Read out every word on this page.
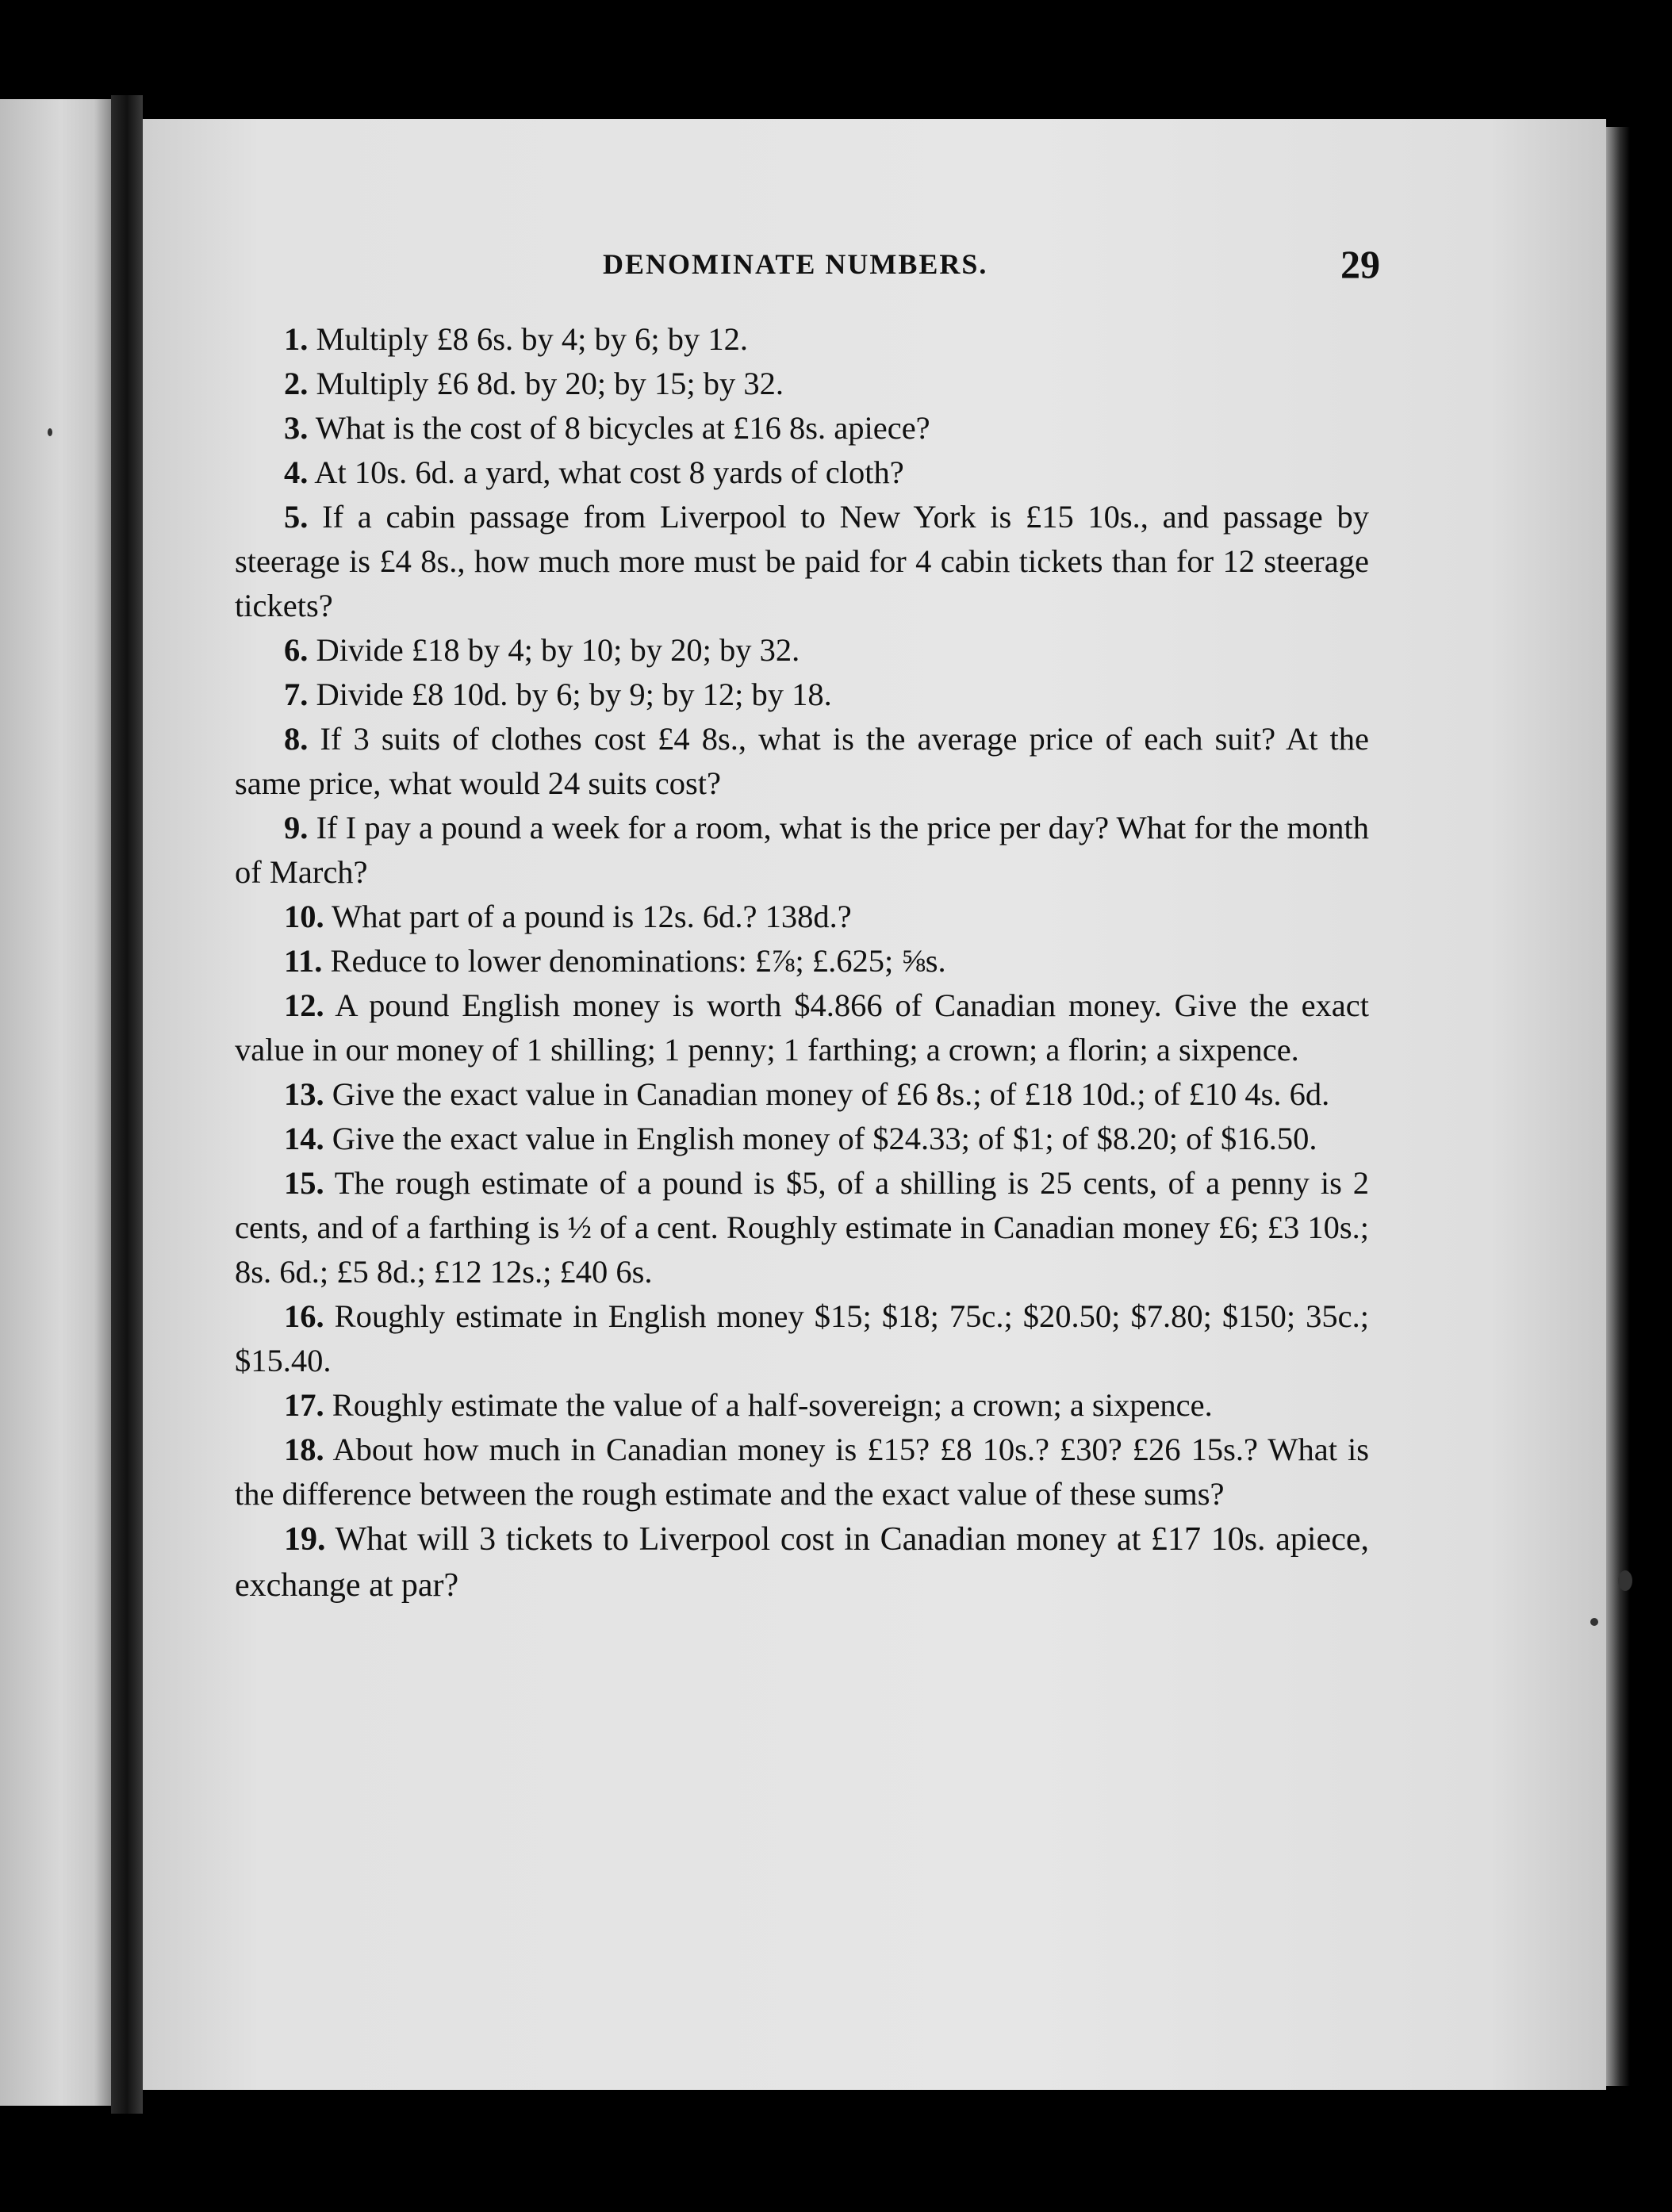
DENOMINATE NUMBERS.	29

1. Multiply £8 6s. by 4; by 6; by 12.

2. Multiply £6 8d. by 20; by 15; by 32.

3. What is the cost of 8 bicycles at £16 8s. apiece?

4. At 10s. 6d. a yard, what cost 8 yards of cloth?

5. If a cabin passage from Liverpool to New York is £15 10s., and passage by steerage is £4 8s., how much more must be paid for 4 cabin tickets than for 12 steerage tickets?

6. Divide £18 by 4; by 10; by 20; by 32.

7. Divide £8 10d. by 6; by 9; by 12; by 18.

8. If 3 suits of clothes cost £4 8s., what is the average price of each suit? At the same price, what would 24 suits cost?

9. If I pay a pound a week for a room, what is the price per day? What for the month of March?

10. What part of a pound is 12s. 6d.? 138d.?

11. Reduce to lower denominations: £⅞; £.625; ⅝s.

12. A pound English money is worth $4.866 of Canadian money. Give the exact value in our money of 1 shilling; 1 penny; 1 farthing; a crown; a florin; a sixpence.

13. Give the exact value in Canadian money of £6 8s.; of £18 10d.; of £10 4s. 6d.

14. Give the exact value in English money of $24.33; of $1; of $8.20; of $16.50.

15. The rough estimate of a pound is $5, of a shilling is 25 cents, of a penny is 2 cents, and of a farthing is ½ of a cent. Roughly estimate in Canadian money £6; £3 10s.; 8s. 6d.; £5 8d.; £12 12s.; £40 6s.

16. Roughly estimate in English money $15; $18; 75c.; $20.50; $7.80; $150; 35c.; $15.40.

17. Roughly estimate the value of a half-sovereign; a crown; a sixpence.

18. About how much in Canadian money is £15? £8 10s.? £30? £26 15s.? What is the difference between the rough estimate and the exact value of these sums?

19. What will 3 tickets to Liverpool cost in Canadian money at £17 10s. apiece, exchange at par?
